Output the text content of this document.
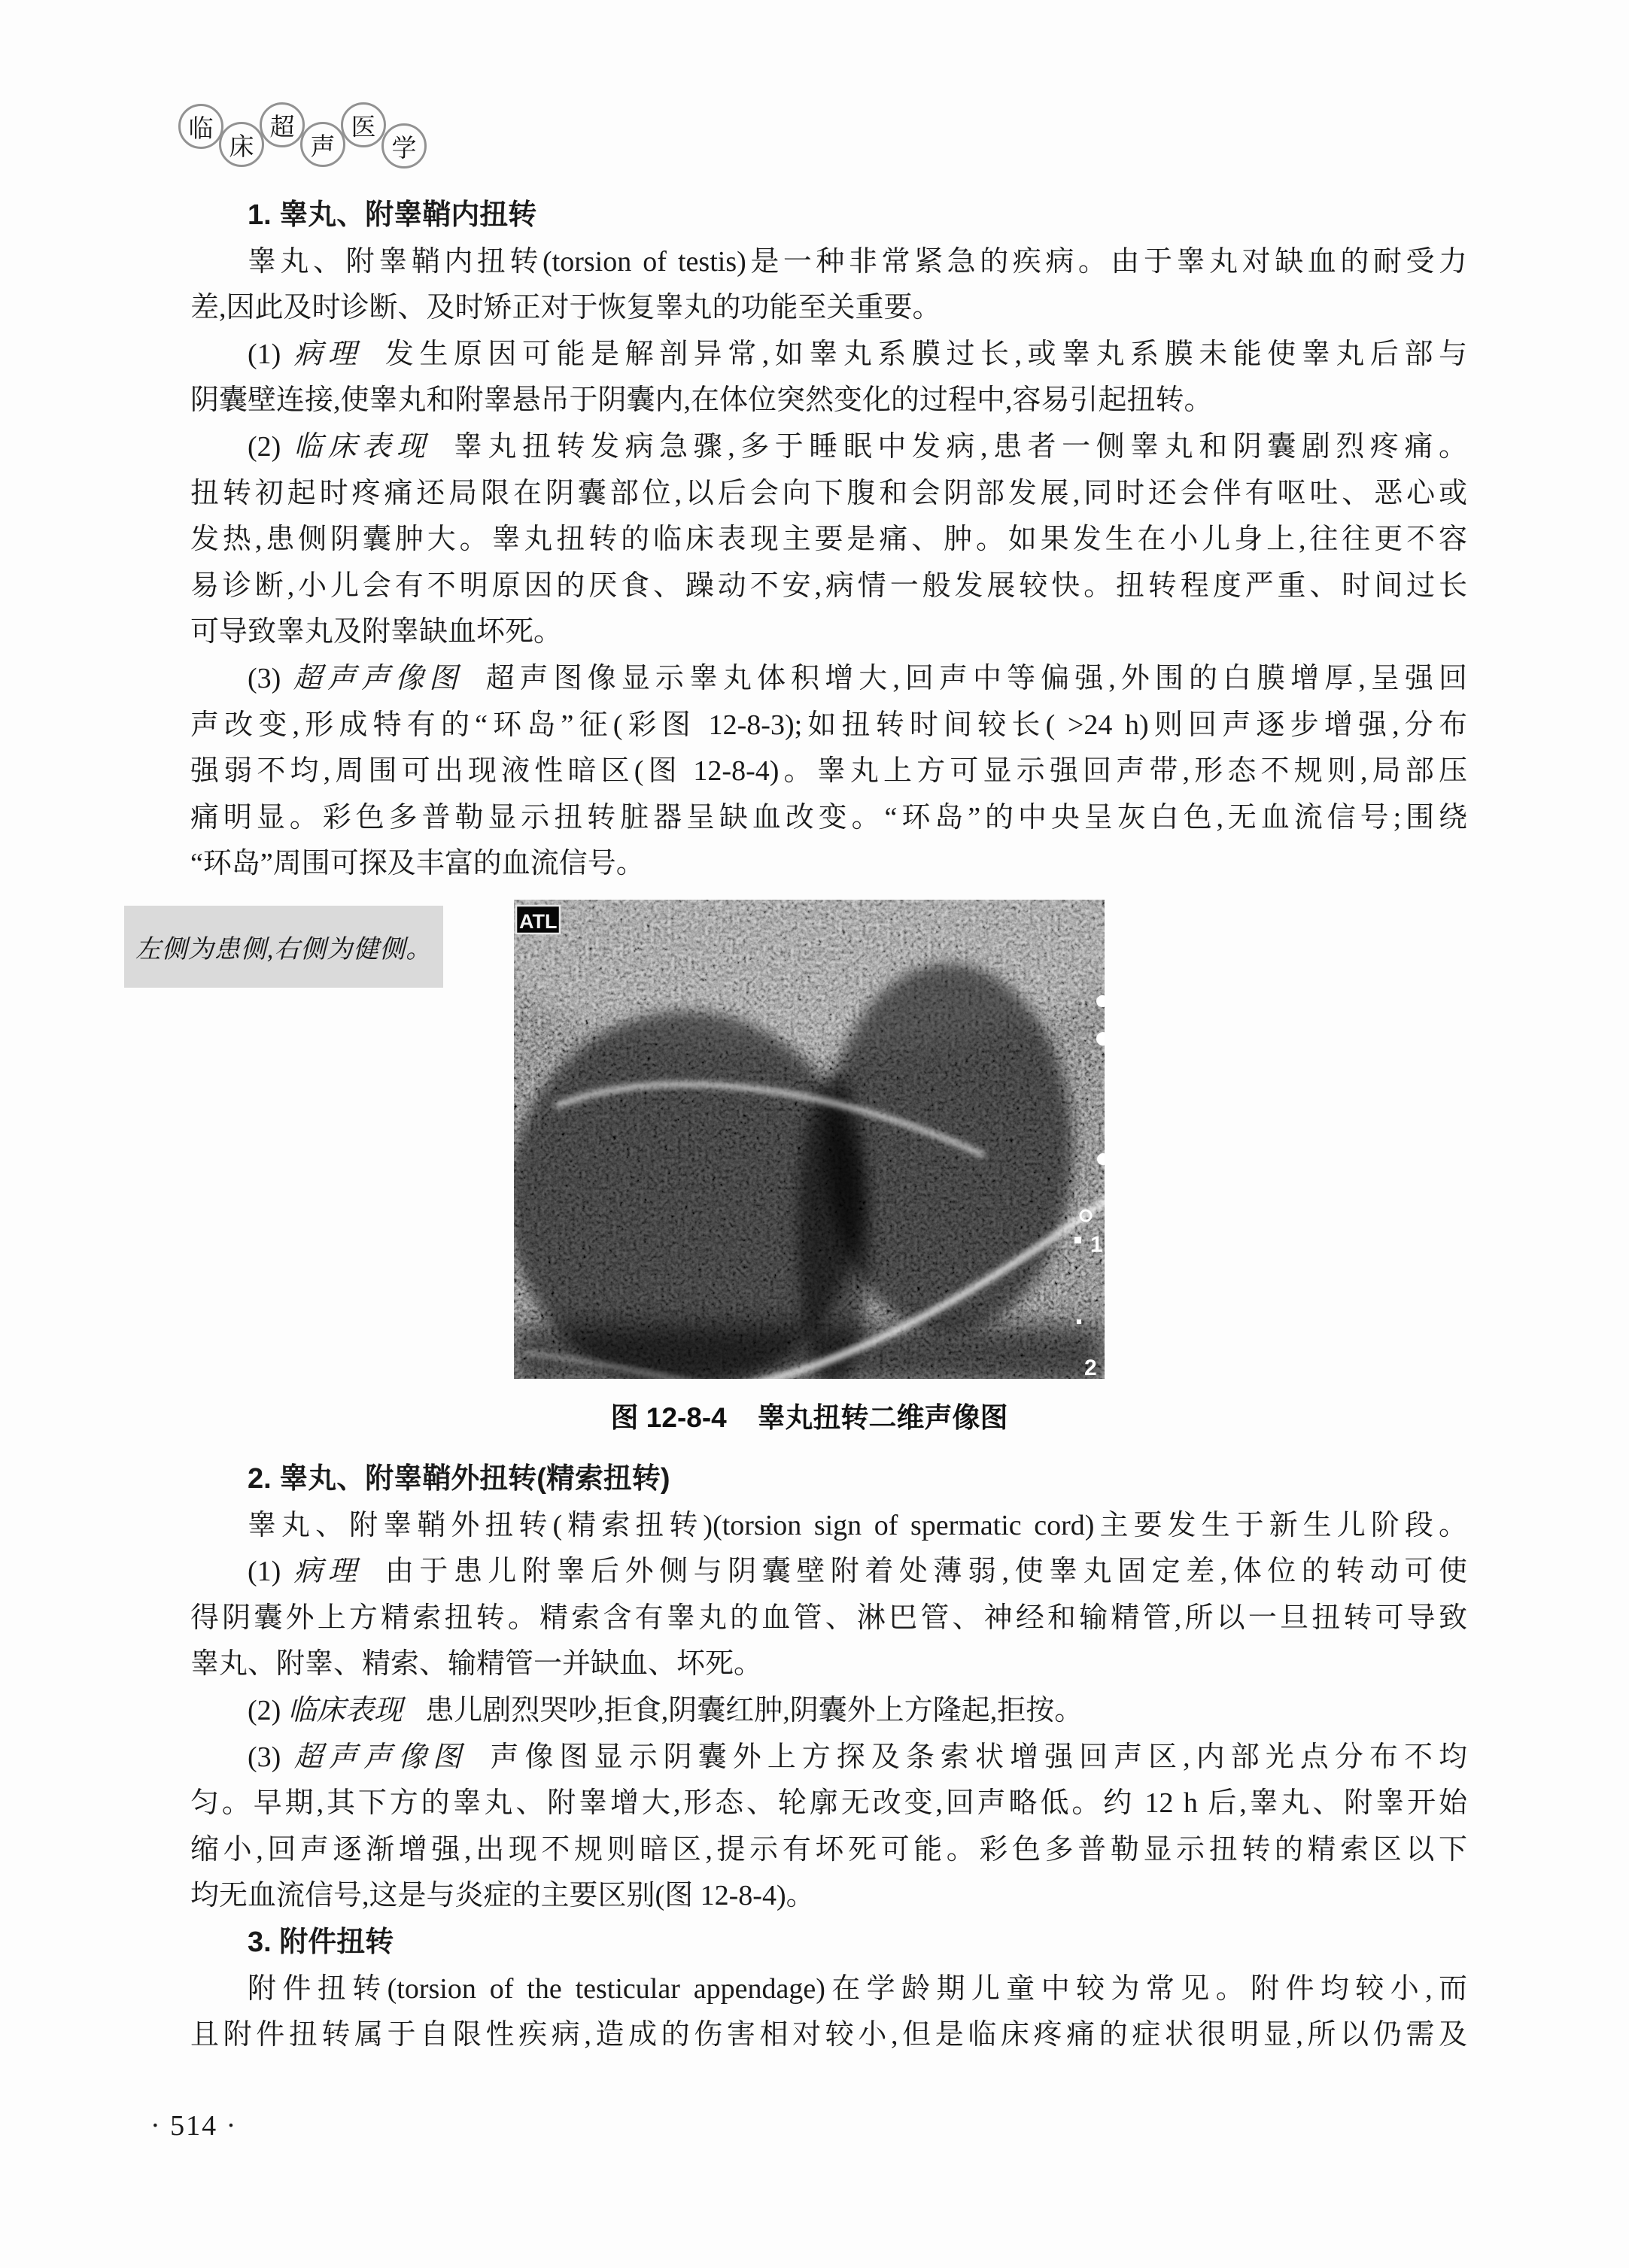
临
床
超
声
医
学
1. 睾丸、附睾鞘内扭转
睾丸、附睾鞘内扭转(torsion of testis)是一种非常紧急的疾病。由于睾丸对缺血的耐受力
差,因此及时诊断、及时矫正对于恢复睾丸的功能至关重要。
(1) 病理 发生原因可能是解剖异常,如睾丸系膜过长,或睾丸系膜未能使睾丸后部与
阴囊壁连接,使睾丸和附睾悬吊于阴囊内,在体位突然变化的过程中,容易引起扭转。
(2) 临床表现 睾丸扭转发病急骤,多于睡眠中发病,患者一侧睾丸和阴囊剧烈疼痛。
扭转初起时疼痛还局限在阴囊部位,以后会向下腹和会阴部发展,同时还会伴有呕吐、恶心或
发热,患侧阴囊肿大。睾丸扭转的临床表现主要是痛、肿。如果发生在小儿身上,往往更不容
易诊断,小儿会有不明原因的厌食、躁动不安,病情一般发展较快。扭转程度严重、时间过长
可导致睾丸及附睾缺血坏死。
(3) 超声声像图 超声图像显示睾丸体积增大,回声中等偏强,外围的白膜增厚,呈强回
声改变,形成特有的“环岛”征(彩图 12-8-3);如扭转时间较长( >24 h)则回声逐步增强,分布
强弱不均,周围可出现液性暗区(图 12-8-4)。睾丸上方可显示强回声带,形态不规则,局部压
痛明显。彩色多普勒显示扭转脏器呈缺血改变。“环岛”的中央呈灰白色,无血流信号;围绕
“环岛”周围可探及丰富的血流信号。
左侧为患侧,右侧为健侧。
ATL
1
2
图 12-8-4 睾丸扭转二维声像图
2. 睾丸、附睾鞘外扭转(精索扭转)
睾丸、附睾鞘外扭转(精索扭转)(torsion sign of spermatic cord)主要发生于新生儿阶段。
(1) 病理 由于患儿附睾后外侧与阴囊壁附着处薄弱,使睾丸固定差,体位的转动可使
得阴囊外上方精索扭转。精索含有睾丸的血管、淋巴管、神经和输精管,所以一旦扭转可导致
睾丸、附睾、精索、输精管一并缺血、坏死。
(2) 临床表现 患儿剧烈哭吵,拒食,阴囊红肿,阴囊外上方隆起,拒按。
(3) 超声声像图 声像图显示阴囊外上方探及条索状增强回声区,内部光点分布不均
匀。早期,其下方的睾丸、附睾增大,形态、轮廓无改变,回声略低。约 12 h 后,睾丸、附睾开始
缩小,回声逐渐增强,出现不规则暗区,提示有坏死可能。彩色多普勒显示扭转的精索区以下
均无血流信号,这是与炎症的主要区别(图 12-8-4)。
3. 附件扭转
附件扭转(torsion of the testicular appendage)在学龄期儿童中较为常见。附件均较小,而
且附件扭转属于自限性疾病,造成的伤害相对较小,但是临床疼痛的症状很明显,所以仍需及
· 514 ·
